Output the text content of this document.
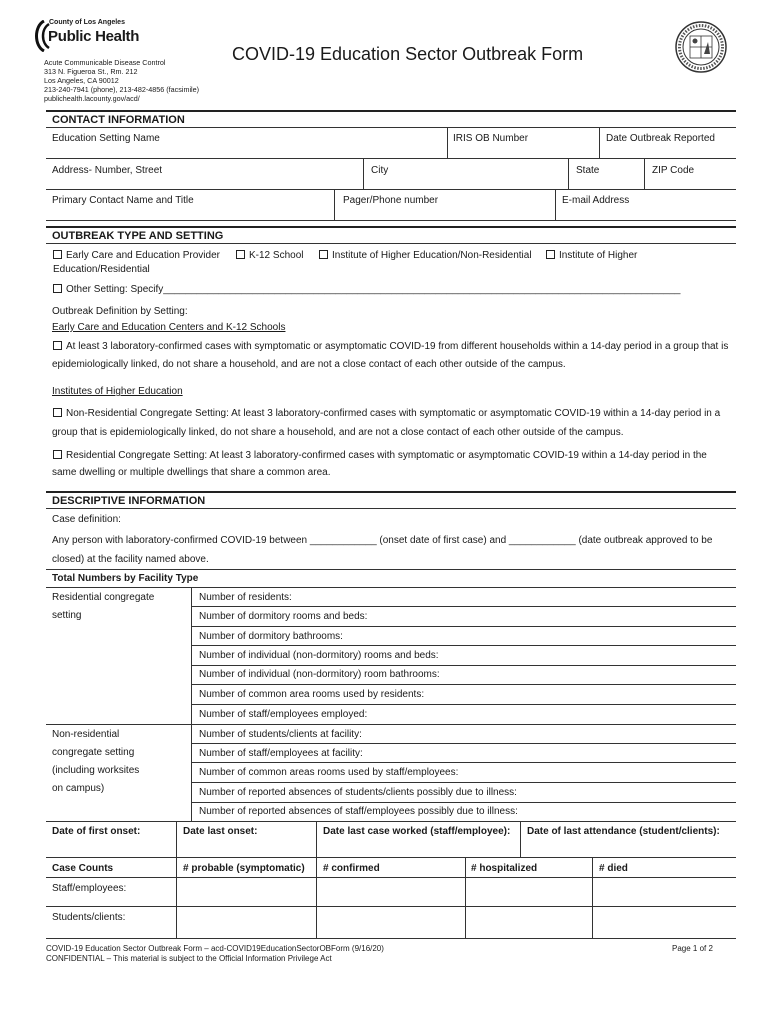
County of Los Angeles
Public Health
Acute Communicable Disease Control
313 N. Figueroa St., Rm. 212
Los Angeles, CA 90012
213-240-7941 (phone), 213-482-4856 (facsimile)
publichealth.lacounty.gov/acd/
COVID-19 Education Sector Outbreak Form
CONTACT INFORMATION
Education Setting Name	IRIS OB Number	Date Outbreak Reported
Address- Number, Street	City	State	ZIP Code
Primary Contact Name and Title	Pager/Phone number	E-mail Address
OUTBREAK TYPE AND SETTING
Early Care and Education Provider	K-12 School	Institute of Higher Education/Non-Residential	Institute of Higher
Education/Residential
Other Setting: Specify_____________________________________________________________________________________________
Outbreak Definition by Setting:
Early Care and Education Centers and K-12 Schools
At least 3 laboratory-confirmed cases with symptomatic or asymptomatic COVID-19 from different households within a 14-day period in a group that is
epidemiologically linked, do not share a household, and are not a close contact of each other outside of the campus.
Institutes of Higher Education
Non-Residential Congregate Setting: At least 3 laboratory-confirmed cases with symptomatic or asymptomatic COVID-19 within a 14-day period in a
group that is epidemiologically linked, do not share a household, and are not a close contact of each other outside of the campus.
Residential Congregate Setting: At least 3 laboratory-confirmed cases with symptomatic or asymptomatic COVID-19 within a 14-day period in the
same dwelling or multiple dwellings that share a common area.
DESCRIPTIVE INFORMATION
Case definition:
Any person with laboratory-confirmed COVID-19 between ____________ (onset date of first case) and ____________ (date outbreak approved to be
closed) at the facility named above.
Total Numbers by Facility Type
Residential congregate
setting
Number of residents:
Number of dormitory rooms and beds:
Number of dormitory bathrooms:
Number of individual (non-dormitory) rooms and beds:
Number of individual (non-dormitory) room bathrooms:
Number of common area rooms used by residents:
Number of staff/employees employed:
Non-residential
congregate setting
(including worksites
on campus)
Number of students/clients at facility:
Number of staff/employees at facility:
Number of common areas rooms used by staff/employees:
Number of reported absences of students/clients possibly due to illness:
Number of reported absences of staff/employees possibly due to illness:
Date of first onset:	Date last onset:	Date last case worked (staff/employee): Date of last attendance (student/clients):
Case Counts	# probable (symptomatic) # confirmed	# hospitalized	# died
Staff/employees:
Students/clients:
COVID-19 Education Sector Outbreak Form – acd-COVID19EducationSectorOBForm (9/16/20)
CONFIDENTIAL – This material is subject to the Official Information Privilege Act
Page 1 of 2
